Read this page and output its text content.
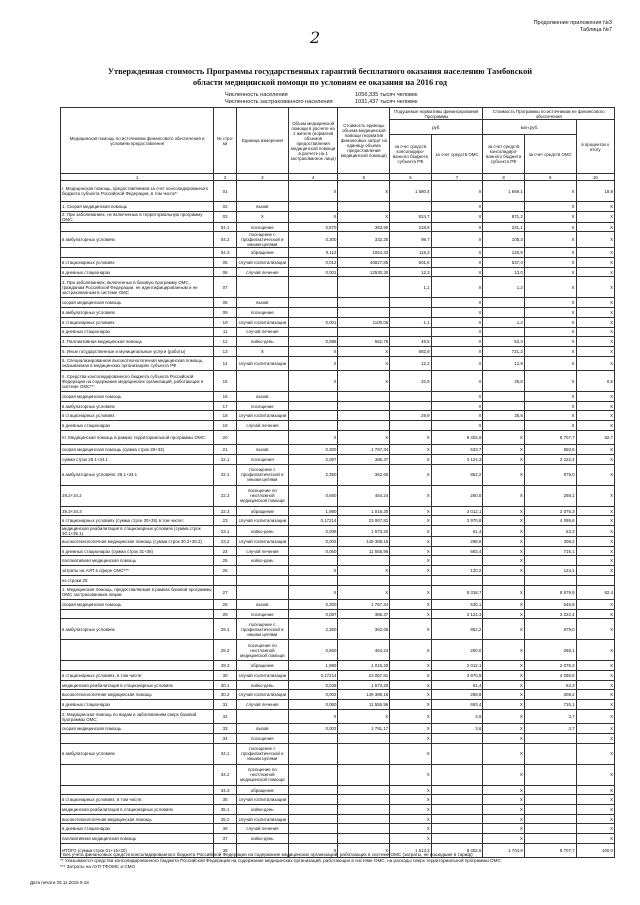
Продолжение приложения №3
Таблица №7
2
Утвержденная стоимость Программы государственных гарантий бесплатного оказания населению Тамбовской
области медицинской помощи по условиям ее оказания на 2016 год
Численность населения	1056,335 тысяч человек
Численность застрахованного населения	1031,437 тысяч человек
Медицинская помощь по источникам финансового обеспечения и условиям предоставления	№ стро-ки	Единица измерения	Объем медицинской помощи в расчете на 1 жителя (норматив объемов предоставления медицинской помощи в расчете на 1 застрахованное лицо)	Стоимость единицы объема медицинской помощи (норматив финансовых затрат на единицу объема предоставления медицинской помощи)	Подушевые нормативы финансирования Программы		Стоимость Программы по источникам ее финансового обеспечения		
					руб.		млн руб.		в процентах к итогу
					за счет средств консолидиро-ванного бюджета субъекта РФ	за счет средств ОМС	за счет средств консолидиро-ванного бюджета субъекта РФ	за счет средств ОМС	
1	2	3	4	5	6	7	8	9	10
I. Медицинская помощь, предоставляемая за счет консолидированного бюджета субъекта Российской Федерации, в том числе*:	01		X	X	1 580,4	X	1 669,1	X	18,8
1. Скорая медицинская помощь	02	вызов				X		X	X
2. При заболеваниях, не включенных в территориальную программу ОМС:	03	X	X	X	824,7	X	871,2	X	X
	04.1	посещение	0,570	383,90	218,8	X	231,1	X	X
в амбулаторных условиях	04.2	посещение с профилактической и иными целями	0,300	332,25	99,7	X	105,3	X	X
	04.3	обращение	0,112	1054,33	119,3	X	125,9	X	X
в стационарных условиях	05	случай госпитализации	0,012	46827,85	601,6	X	637,4	X	X
в дневных стационарах	06	случай лечения	0,001	12530,30	12,3	X	13,0	X	X
3. При заболеваниях, включенных в базовую программу ОМС, гражданам Российской Федерации, не идентифицированным и не застрахованным в системе ОМС	07				1,1	X	1,2	X	X
скорая медицинская помощь	08	вызов				X		X	X
в амбулаторных условиях	09	посещение				X		X	X
в стационарных условиях	10	случай госпитализации	0,001	1100,06	1,1	X	1,2	X	X
в дневных стационарах	11	случай лечения				X		X	X
4. Паллиативная медицинская помощь	12	койко-день	0,088	562,75	49,5	X	52,3	X	X
5. Иные государственные и муниципальные услуги (работы)	13	X	X	X	682,9	X	721,2	X	X
6. Специализированная высокотехнологичная медицинская помощь, оказываемая в медицинских организациях субъекта РФ	14	случай госпитализации	X	X	12,2	X	12,9	X	X
II. Средства консолидированного бюджета субъекта Российской Федерации на содержание медицинских организаций, работающих в системе ОМС**:	15		X	X	32,9	X	35,8	X	0,5
скорая медицинская помощь	16	вызов				X		X	X
в амбулаторных условиях	17	посещение				X		X	X
в стационарных условиях	18	случай госпитализации			29,9	X	35,8	X	X
в дневных стационарах	19	случай лечения				X		X	X
III. Медицинская помощь в рамках территориальной программы ОМС:	20		X	X	X	8 402,6	X	8 707,7	82,7
скорая медицинская помощь (сумма строк 28+33)	21	вызов	0,300	1 767,34	X	533,7	X	550,5	X
сумма строк 29.1+34.1	22.1	посещения	0,087	386,37	X	3 124,3	X	3 222,4	X
в амбулаторных условиях: 29.1+34.1	22.1	посещение с профилактической и иными целями	2,350	362,65	X	852,2	X	879,0	X
29.2+34.2	22.2	посещение по неотложной медицинской помощи	0,560	464,24	X	260,0	X	268,1	X
29.3+34.3	22.3	обращение	1,980	1 016,20	X	2 012,1	X	2 075,3	X
в стационарных условиях (сумма строк 30+35) в том числе:	23	случай госпитализации	0,17214	23 067,81	X	3 970,8	X	4 095,6	X
медицинская реабилитация в стационарных условиях (сумма строк 30.1+35.1)	23.1	койко-день	0,039	1 573,20	X	61,4	X	63,3	X
высокотехнологичная медицинская помощь (сумма строк 30.2+35.2)	23.2	случай госпитализации	0,002	149 388,16	X	298,8	X	308,2	X
в дневных стационарах (сумма строк 31+36)	24	случай лечения	0,060	11 555,96	X	693,4	X	715,1	X
паллиативная медицинская помощь	25	койко-день			X		X		X
затраты на АУП в сфере ОМС***	26		X	X	X	120,2	X	124,1	X
из строки 20:									
1. Медицинская помощь, предоставляемая в рамках базовой программы ОМС застрахованным лицам	27		X	X	X	8 318,7	X	8 579,9	82,4
скорая медицинская помощь	28	вызов	0,300	1 767,34	X	530,1	X	546,8	X
	29	посещение	0,087	386,37	X	3 124,3	X	3 222,4	X
в амбулаторных условиях	29.1	посещение с профилактической и иными целями	2,350	362,65	X	852,2	X	879,0	X
	29.2	посещение по неотложной медицинской помощи	0,560	464,24	X	260,0	X	268,1	X
	29.3	обращение	1,980	1 016,20	X	2 012,1	X	2 075,3	X
в стационарных условиях, в том числе:	30	случай госпитализации	0,17214	23 067,81	X	3 970,8	X	4 095,6	X
медицинская реабилитация в стационарных условиях	30.1	койко-день	0,039	1 573,20	X	61,4	X	63,3	X
высокотехнологичная медицинская помощь	30.2	случай госпитализации	0,002	149 388,16	X	298,8	X	308,2	X
в дневных стационарах	31	случай лечения	0,060	11 555,96	X	693,4	X	715,1	X
2. Медицинская помощь по видам и заболеваниям сверх базовой программы ОМС:	32		X	X	X	3,6	X	3,7	X
скорая медицинская помощь	33	вызов	0,002	1 791,17	X	3,6	X	3,7	X
	34	посещение			X		X		X
в амбулаторных условиях	34.1	посещение с профилактической и иными целями			X		X		X
	34.2	посещение по неотложной медицинской помощи			X		X		X
	34.3	обращение			X		X		X
в стационарных условиях, в том числе:	35	случай госпитализации			X		X		X
медицинская реабилитация в стационарных условиях	35.1	койко-день			X		X		X
высокотехнологичная медицинская помощь	35.2	случай госпитализации			X		X		X
в дневных стационарах	36	случай лечения			X		X		X
паллиативная медицинская помощь	37	койко-день			X		X		X
ИТОГО (сумма строк 01+15+20)	38		X	X	1 613,3	8 402,6	1 704,9	8 707,7	100,0
* Без учета финансовых средств консолидированного бюджета Российской Федерации на содержание медицинских организаций, работающих в системе ОМС (затраты, не вошедшие в тариф)
** Указываются средства консолидированного бюджета Российской Федерации на содержание медицинских организаций, работающих в системе ОМС, на расходы сверх территориальной программы ОМС
*** Затраты на АУП ТФОМС и СМО
Дата печати 25.11.2015 9:18
